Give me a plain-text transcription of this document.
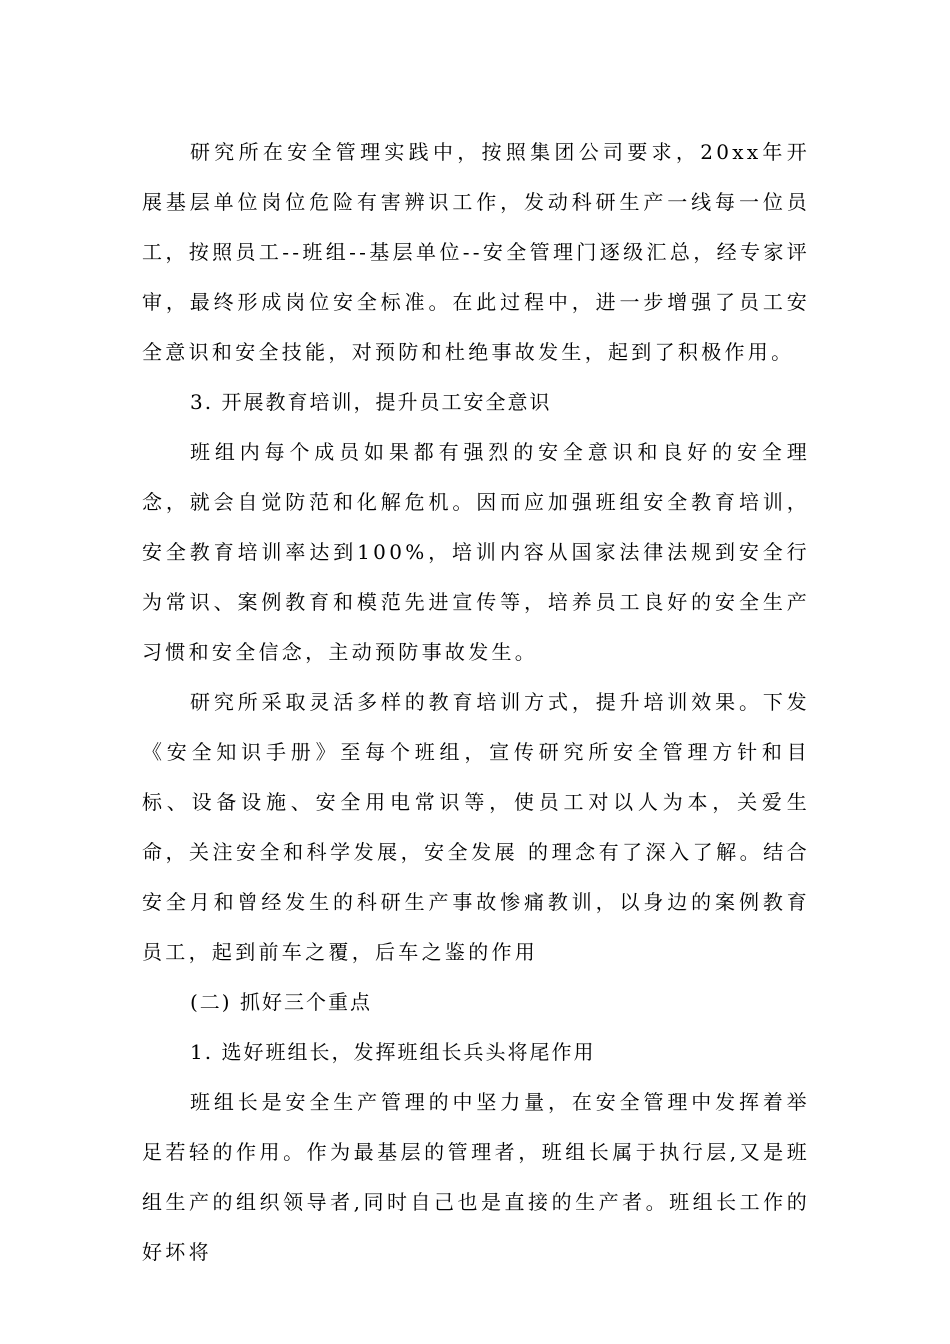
研究所在安全管理实践中，按照集团公司要求，20xx年开展基层单位岗位危险有害辨识工作，发动科研生产一线每一位员工，按照员工--班组--基层单位--安全管理门逐级汇总，经专家评审，最终形成岗位安全标准。在此过程中，进一步增强了员工安全意识和安全技能，对预防和杜绝事故发生，起到了积极作用。

3. 开展教育培训，提升员工安全意识

班组内每个成员如果都有强烈的安全意识和良好的安全理念，就会自觉防范和化解危机。因而应加强班组安全教育培训，安全教育培训率达到100%，培训内容从国家法律法规到安全行为常识、案例教育和模范先进宣传等，培养员工良好的安全生产习惯和安全信念，主动预防事故发生。

研究所采取灵活多样的教育培训方式，提升培训效果。下发《安全知识手册》至每个班组，宣传研究所安全管理方针和目标、设备设施、安全用电常识等，使员工对以人为本，关爱生命，关注安全和科学发展，安全发展 的理念有了深入了解。结合安全月和曾经发生的科研生产事故惨痛教训，以身边的案例教育员工，起到前车之覆，后车之鉴的作用

(二) 抓好三个重点

1. 选好班组长，发挥班组长兵头将尾作用

班组长是安全生产管理的中坚力量，在安全管理中发挥着举足若轻的作用。作为最基层的管理者，班组长属于执行层,又是班组生产的组织领导者,同时自己也是直接的生产者。班组长工作的好坏将
